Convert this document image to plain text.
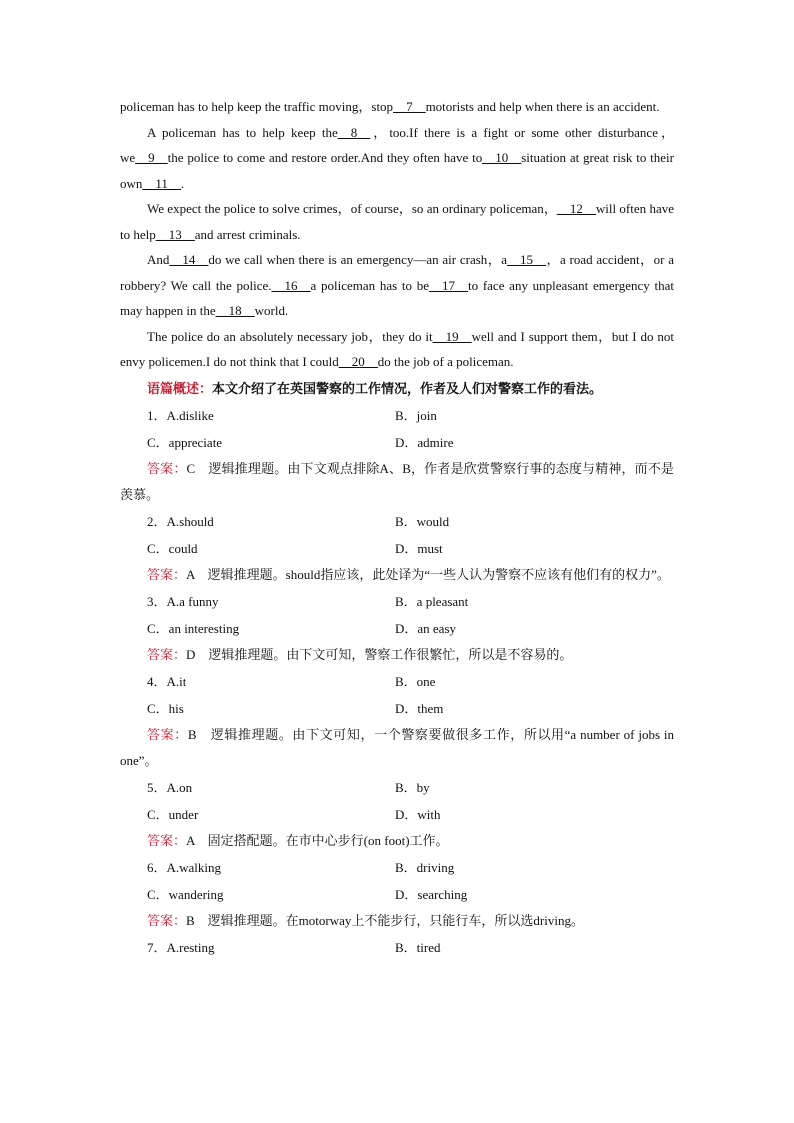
policeman has to help keep the traffic moving，stop__7__motorists and help when there is an accident.

A policeman has to help keep the__8__，too.If there is a fight or some other disturbance，we__9__the police to come and restore order.And they often have to__10__situation at great risk to their own__11__.

We expect the police to solve crimes，of course，so an ordinary policeman，__12__will often have to help__13__and arrest criminals.

And__14__do we call when there is an emergency—an air crash，a__15__，a road accident，or a robbery? We call the police.__16__a policeman has to be__17__to face any unpleasant emergency that may happen in the__18__world.

The police do an absolutely necessary job，they do it__19__well and I support them，but I do not envy policemen.I do not think that I could__20__do the job of a policeman.

语篇概述：本文介绍了在英国警察的工作情况，作者及人们对警察工作的看法。

1．A.dislike	B．join
C．appreciate	D．admire

答案：C　逻辑推理题。由下文观点排除A、B，作者是欣赏警察行事的态度与精神，而不是羡慕。

2．A.should	B．would
C．could	D．must

答案：A　逻辑推理题。should指应该，此处译为“一些人认为警察不应该有他们有的权力”。

3．A.a funny	B．a pleasant
C．an interesting	D．an easy

答案：D　逻辑推理题。由下文可知，警察工作很繁忙，所以是不容易的。

4．A.it	B．one
C．his	D．them

答案：B　逻辑推理题。由下文可知，一个警察要做很多工作，所以用“a number of jobs in one”。

5．A.on	B．by
C．under	D．with

答案：A　固定搭配题。在市中心步行(on foot)工作。

6．A.walking	B．driving
C．wandering	D．searching

答案：B　逻辑推理题。在motorway上不能步行，只能行车，所以选driving。

7．A.resting	B．tired
